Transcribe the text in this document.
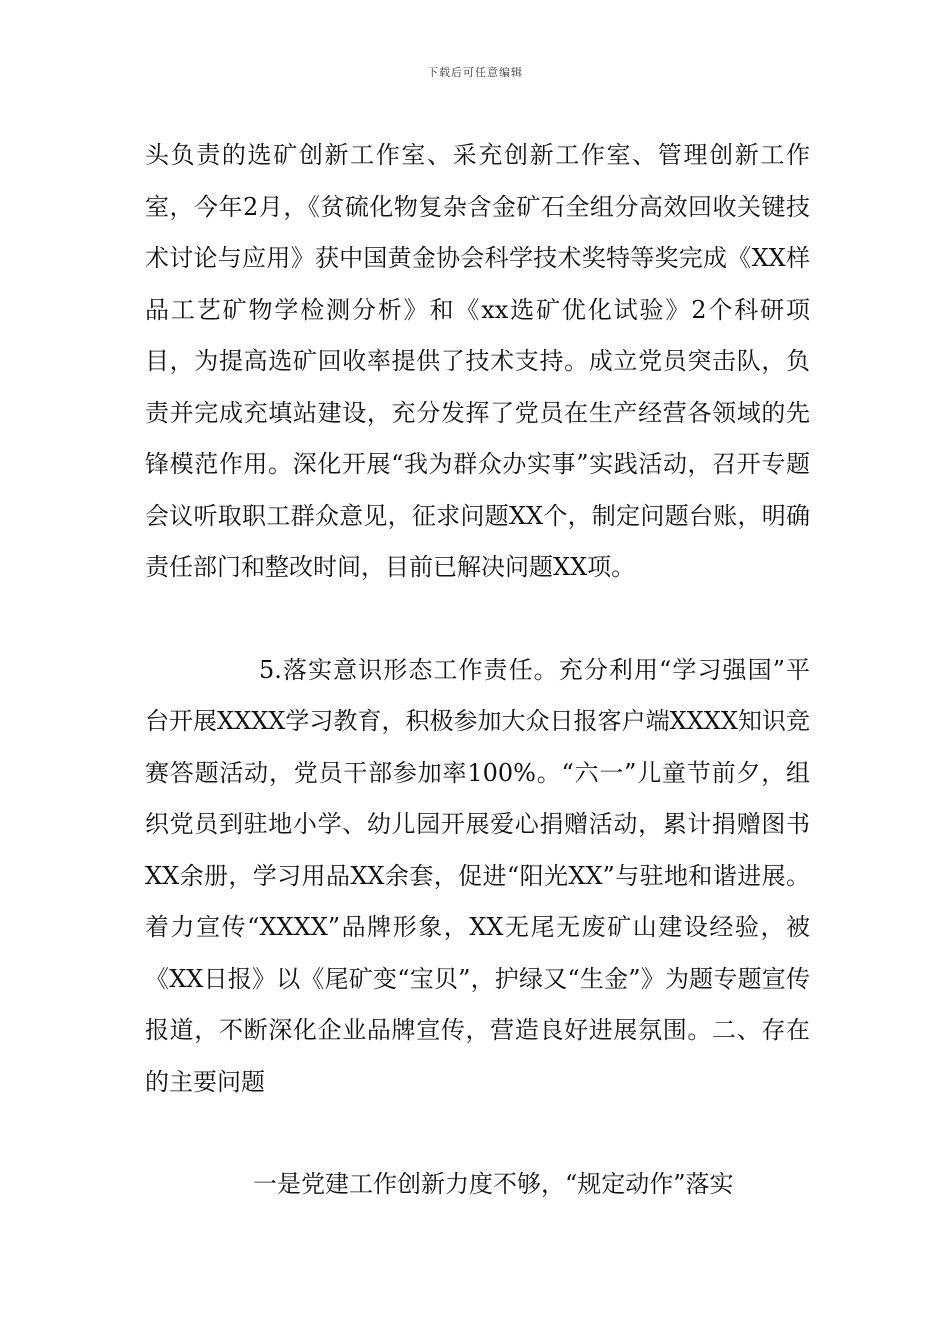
下载后可任意编辑

头负责的选矿创新工作室、采充创新工作室、管理创新工作室，今年2月，《贫硫化物复杂含金矿石全组分高效回收关键技术讨论与应用》获中国黄金协会科学技术奖特等奖完成《XX样品工艺矿物学检测分析》和《xx选矿优化试验》2个科研项目，为提高选矿回收率提供了技术支持。成立党员突击队，负责并完成充填站建设，充分发挥了党员在生产经营各领域的先锋模范作用。深化开展“我为群众办实事”实践活动，召开专题会议听取职工群众意见，征求问题XX个，制定问题台账，明确责任部门和整改时间，目前已解决问题XX项。

5.落实意识形态工作责任。充分利用“学习强国”平台开展XXXX学习教育，积极参加大众日报客户端XXXX知识竞赛答题活动，党员干部参加率100%。“六一”儿童节前夕，组织党员到驻地小学、幼儿园开展爱心捐赠活动，累计捐赠图书XX余册，学习用品XX余套，促进“阳光XX”与驻地和谐进展。着力宣传“XXXX”品牌形象，XX无尾无废矿山建设经验，被《XX日报》以《尾矿变“宝贝”，护绿又“生金”》为题专题宣传报道，不断深化企业品牌宣传，营造良好进展氛围。二、存在的主要问题

一是党建工作创新力度不够，“规定动作”落实
